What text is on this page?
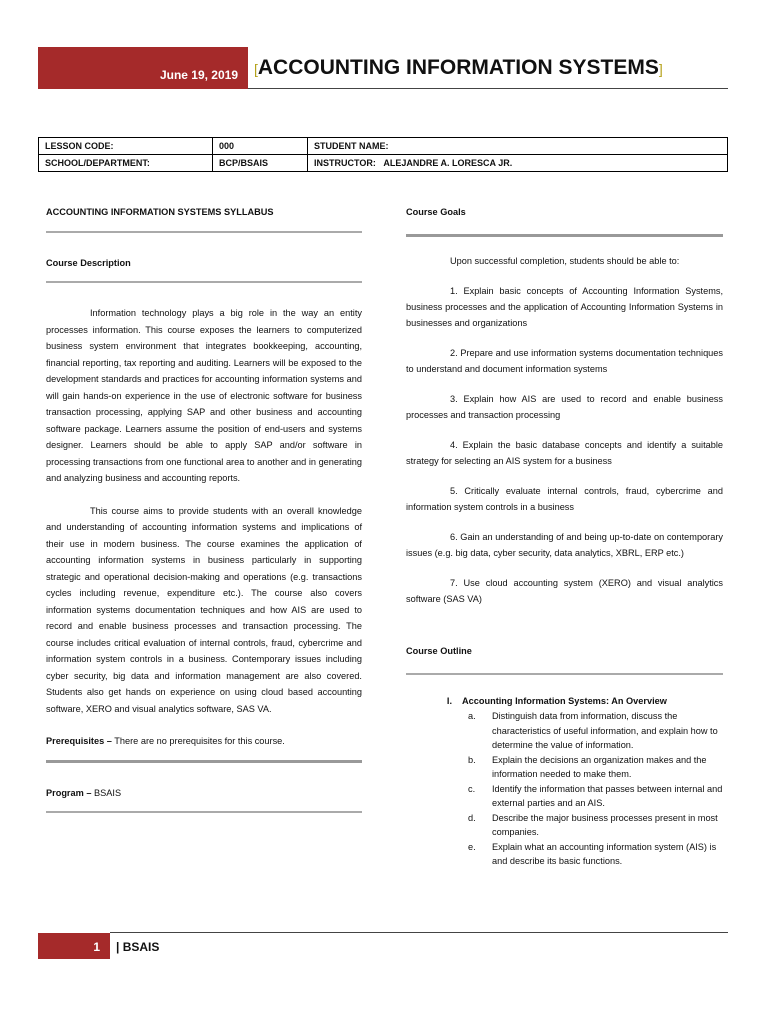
June 19, 2019 [ACCOUNTING INFORMATION SYSTEMS]
LESSON CODE:	000	STUDENT NAME:
SCHOOL/DEPARTMENT:	BCP/BSAIS	INSTRUCTOR: ALEJANDRE A. LORESCA JR.
ACCOUNTING INFORMATION SYSTEMS SYLLABUS
Course Description

Information technology plays a big role in the way an entity processes information. This course exposes the learners to computerized business system environment that integrates bookkeeping, accounting, financial reporting, tax reporting and auditing. Learners will be exposed to the development standards and practices for accounting information systems and will gain hands-on experience in the use of electronic software for business transaction processing, applying SAP and other business and accounting software package. Learners assume the position of end-users and systems designer. Learners should be able to apply SAP and/or software in processing transactions from one functional area to another and in generating and analyzing business and accounting reports.

This course aims to provide students with an overall knowledge and understanding of accounting information systems and implications of their use in modern business. The course examines the application of accounting information systems in business particularly in supporting strategic and operational decision-making and operations (e.g. transactions cycles including revenue, expenditure etc.). The course also covers information systems documentation techniques and how AIS are used to record and enable business processes and transaction processing. The course includes critical evaluation of internal controls, fraud, cybercrime and information system controls in a business. Contemporary issues including cyber security, big data and information management are also covered. Students also get hands on experience on using cloud based accounting software, XERO and visual analytics software, SAS VA.

Prerequisites – There are no prerequisites for this course.

Program – BSAIS

Course Goals

Upon successful completion, students should be able to:

1. Explain basic concepts of Accounting Information Systems, business processes and the application of Accounting Information Systems in businesses and organizations

2. Prepare and use information systems documentation techniques to understand and document information systems

3. Explain how AIS are used to record and enable business processes and transaction processing

4. Explain the basic database concepts and identify a suitable strategy for selecting an AIS system for a business

5. Critically evaluate internal controls, fraud, cybercrime and information system controls in a business

6. Gain an understanding of and being up-to-date on contemporary issues (e.g. big data, cyber security, data analytics, XBRL, ERP etc.)

7. Use cloud accounting system (XERO) and visual analytics software (SAS VA)

Course Outline
I.	Accounting Information Systems: An Overview
a.	Distinguish data from information, discuss the characteristics of useful information, and explain how to determine the value of information.
b.	Explain the decisions an organization makes and the information needed to make them.
c.	Identify the information that passes between internal and external parties and an AIS.
d.	Describe the major business processes present in most companies.
e.	Explain what an accounting information system (AIS) is and describe its basic functions.
1 | BSAIS
